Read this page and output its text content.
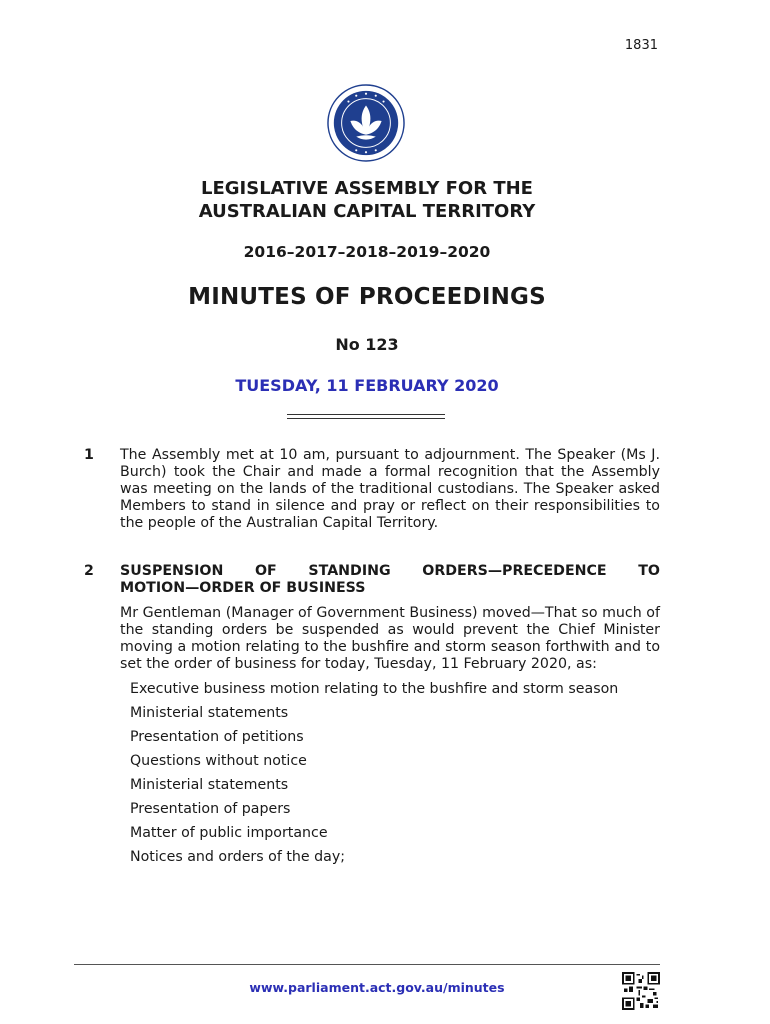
1831
LEGISLATIVE ASSEMBLY FOR THE
AUSTRALIAN CAPITAL TERRITORY
2016–2017–2018–2019–2020
MINUTES OF PROCEEDINGS
No 123
TUESDAY, 11 FEBRUARY 2020
1 The Assembly met at 10 am, pursuant to adjournment. The Speaker (Ms J. Burch) took the Chair and made a formal recognition that the Assembly was meeting on the lands of the traditional custodians. The Speaker asked Members to stand in silence and pray or reflect on their responsibilities to the people of the Australian Capital Territory.
2 SUSPENSION OF STANDING ORDERS—PRECEDENCE TO
MOTION—ORDER OF BUSINESS
Mr Gentleman (Manager of Government Business) moved—That so much of the standing orders be suspended as would prevent the Chief Minister moving a motion relating to the bushfire and storm season forthwith and to set the order of business for today, Tuesday, 11 February 2020, as:
Executive business motion relating to the bushfire and storm season
Ministerial statements
Presentation of petitions
Questions without notice
Ministerial statements
Presentation of papers
Matter of public importance
Notices and orders of the day;
www.parliament.act.gov.au/minutes
